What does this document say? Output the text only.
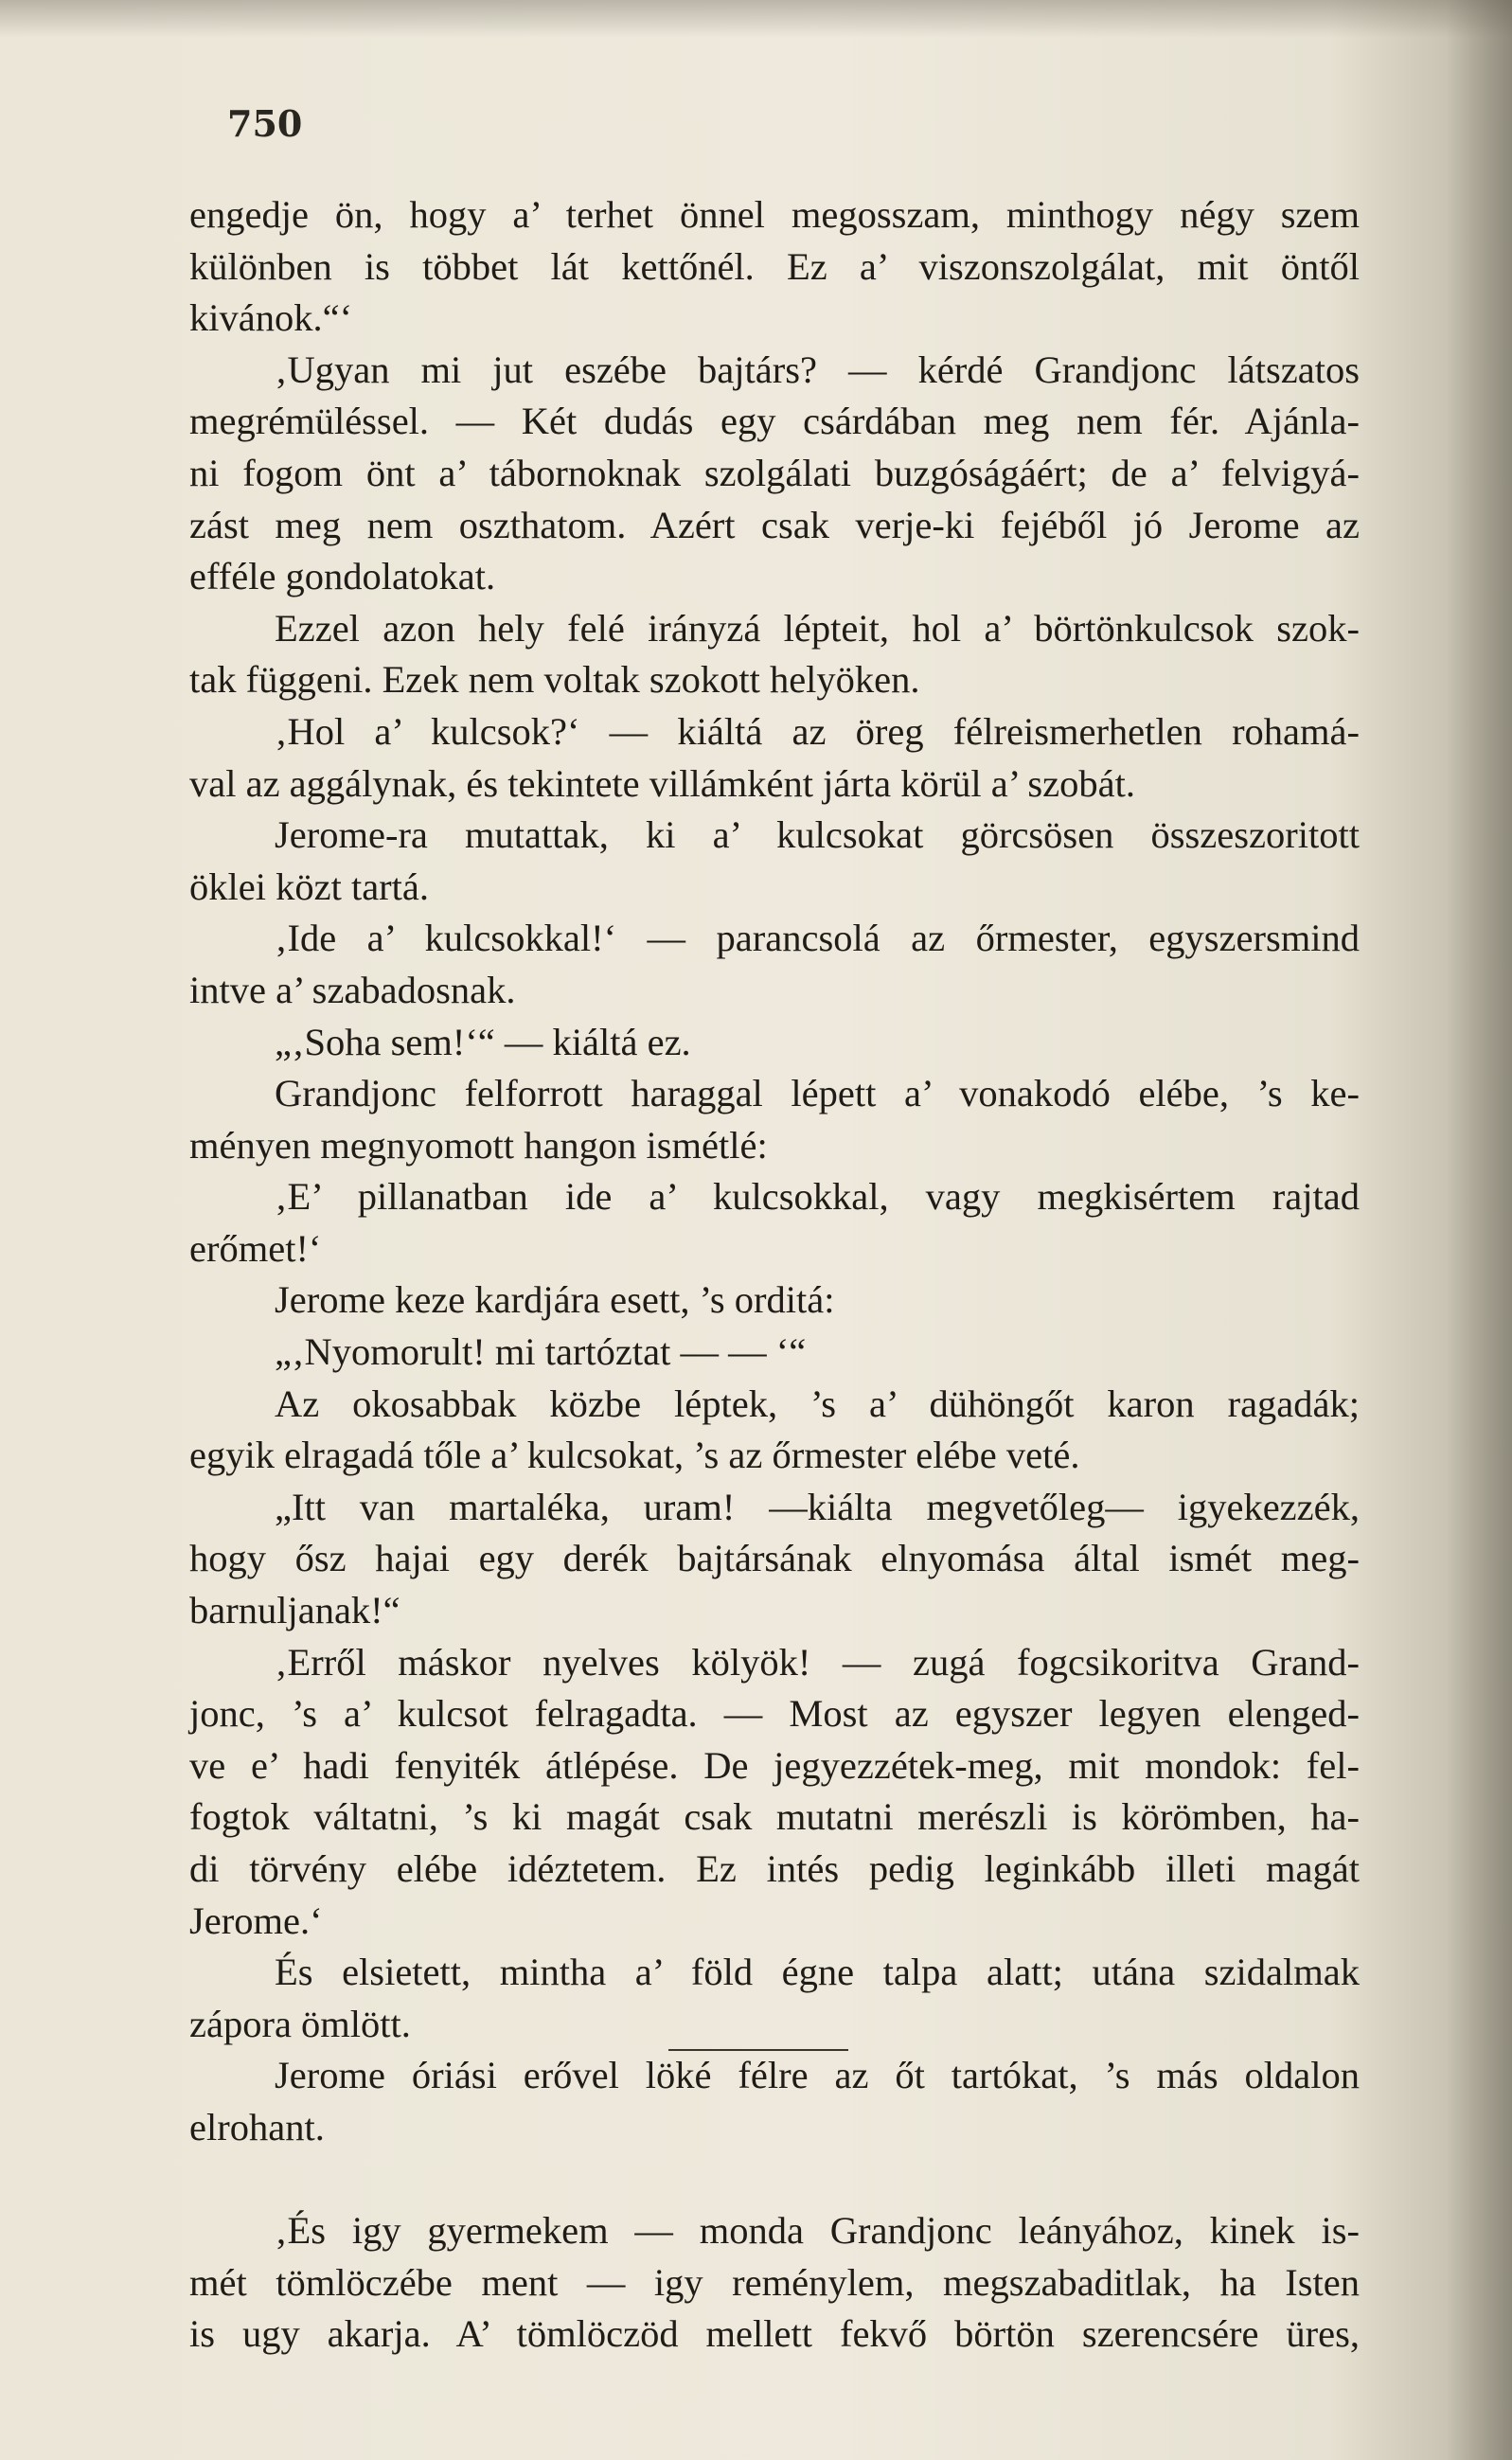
750
engedje ön, hogy a’ terhet önnel megosszam, minthogy négy szem
különben is többet lát kettőnél. Ez a’ viszonszolgálat, mit öntől
kivánok.“‘
‚Ugyan mi jut eszébe bajtárs? — kérdé Grandjonc látszatos
megrémüléssel. — Két dudás egy csárdában meg nem fér. Ajánla-
ni fogom önt a’ tábornoknak szolgálati buzgóságáért; de a’ felvigyá-
zást meg nem oszthatom. Azért csak verje-ki fejéből jó Jerome az
efféle gondolatokat.
Ezzel azon hely felé irányzá lépteit, hol a’ börtönkulcsok szok-
tak függeni. Ezek nem voltak szokott helyöken.
‚Hol a’ kulcsok?‘ — kiáltá az öreg félreismerhetlen rohamá-
val az aggálynak, és tekintete villámként járta körül a’ szobát.
Jerome-ra mutattak, ki a’ kulcsokat görcsösen összeszoritott
öklei közt tartá.
‚Ide a’ kulcsokkal!‘ — parancsolá az őrmester, egyszersmind
intve a’ szabadosnak.
„‚Soha sem!‘“ — kiáltá ez.
Grandjonc felforrott haraggal lépett a’ vonakodó elébe, ’s ke-
ményen megnyomott hangon ismétlé:
‚E’ pillanatban ide a’ kulcsokkal, vagy megkisértem rajtad
erőmet!‘
Jerome keze kardjára esett, ’s orditá:
„‚Nyomorult! mi tartóztat — — ‘“
Az okosabbak közbe léptek, ’s a’ dühöngőt karon ragadák;
egyik elragadá tőle a’ kulcsokat, ’s az őrmester elébe veté.
„Itt van martaléka, uram! —kiálta megvetőleg— igyekezzék,
hogy ősz hajai egy derék bajtársának elnyomása által ismét meg-
barnuljanak!“
‚Erről máskor nyelves kölyök! — zugá fogcsikoritva Grand-
jonc, ’s a’ kulcsot felragadta. — Most az egyszer legyen elenged-
ve e’ hadi fenyiték átlépése. De jegyezzétek-meg, mit mondok: fel-
fogtok váltatni, ’s ki magát csak mutatni merészli is körömben, ha-
di törvény elébe idéztetem. Ez intés pedig leginkább illeti magát
Jerome.‘
És elsietett, mintha a’ föld égne talpa alatt; utána szidalmak
zápora ömlött.
Jerome óriási erővel löké félre az őt tartókat, ’s más oldalon
elrohant.
‚És igy gyermekem — monda Grandjonc leányához, kinek is-
mét tömlöczébe ment — igy reménylem, megszabaditlak, ha Isten
is ugy akarja. A’ tömlöczöd mellett fekvő börtön szerencsére üres,
